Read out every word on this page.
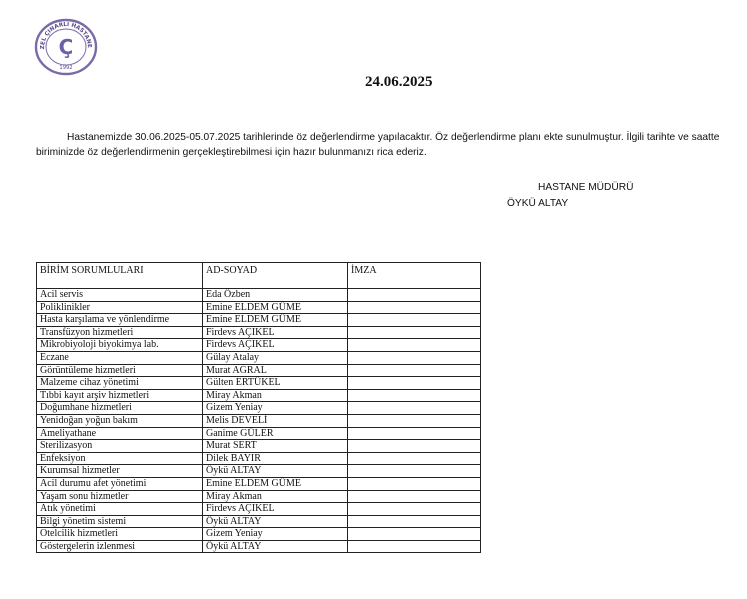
ZEL ÇINARLI HASTANE
Ç
1992
24.06.2025
Hastanemizde 30.06.2025-05.07.2025 tarihlerinde öz değerlendirme yapılacaktır. Öz değerlendirme planı ekte sunulmuştur. İlgili tarihte ve saatte biriminizde öz değerlendirmenin gerçekleştirebilmesi için hazır bulunmanızı rica ederiz.
HASTANE MÜDÜRÜ
ÖYKÜ ALTAY
BİRİM SORUMLULARI	AD-SOYAD	İMZA
Acil servis	Eda Özben	
Poliklinikler	Emine ELDEM GÜME	
Hasta karşılama ve yönlendirme	Emine ELDEM GÜME	
Transfüzyon hizmetleri	Firdevs AÇIKEL	
Mikrobiyoloji biyokimya lab.	Firdevs AÇIKEL	
Eczane	Gülay Atalay	
Görüntüleme hizmetleri	Murat AĞRAL	
Malzeme cihaz yönetimi	Gülten ERTÜKEL	
Tıbbi kayıt arşiv hizmetleri	Miray Akman	
Doğumhane hizmetleri	Gizem Yeniay	
Yenidoğan yoğun bakım	Melis DEVELİ	
Ameliyathane	Ganime GÜLER	
Sterilizasyon	Murat SERT	
Enfeksiyon	Dilek BAYIR	
Kurumsal hizmetler	Öykü ALTAY	
Acil durumu afet yönetimi	Emine ELDEM GÜME	
Yaşam sonu hizmetler	Miray Akman	
Atık yönetimi	Firdevs AÇIKEL	
Bilgi yönetim sistemi	Öykü ALTAY	
Otelcilik hizmetleri	Gizem Yeniay	
Göstergelerin izlenmesi	Öykü ALTAY	
